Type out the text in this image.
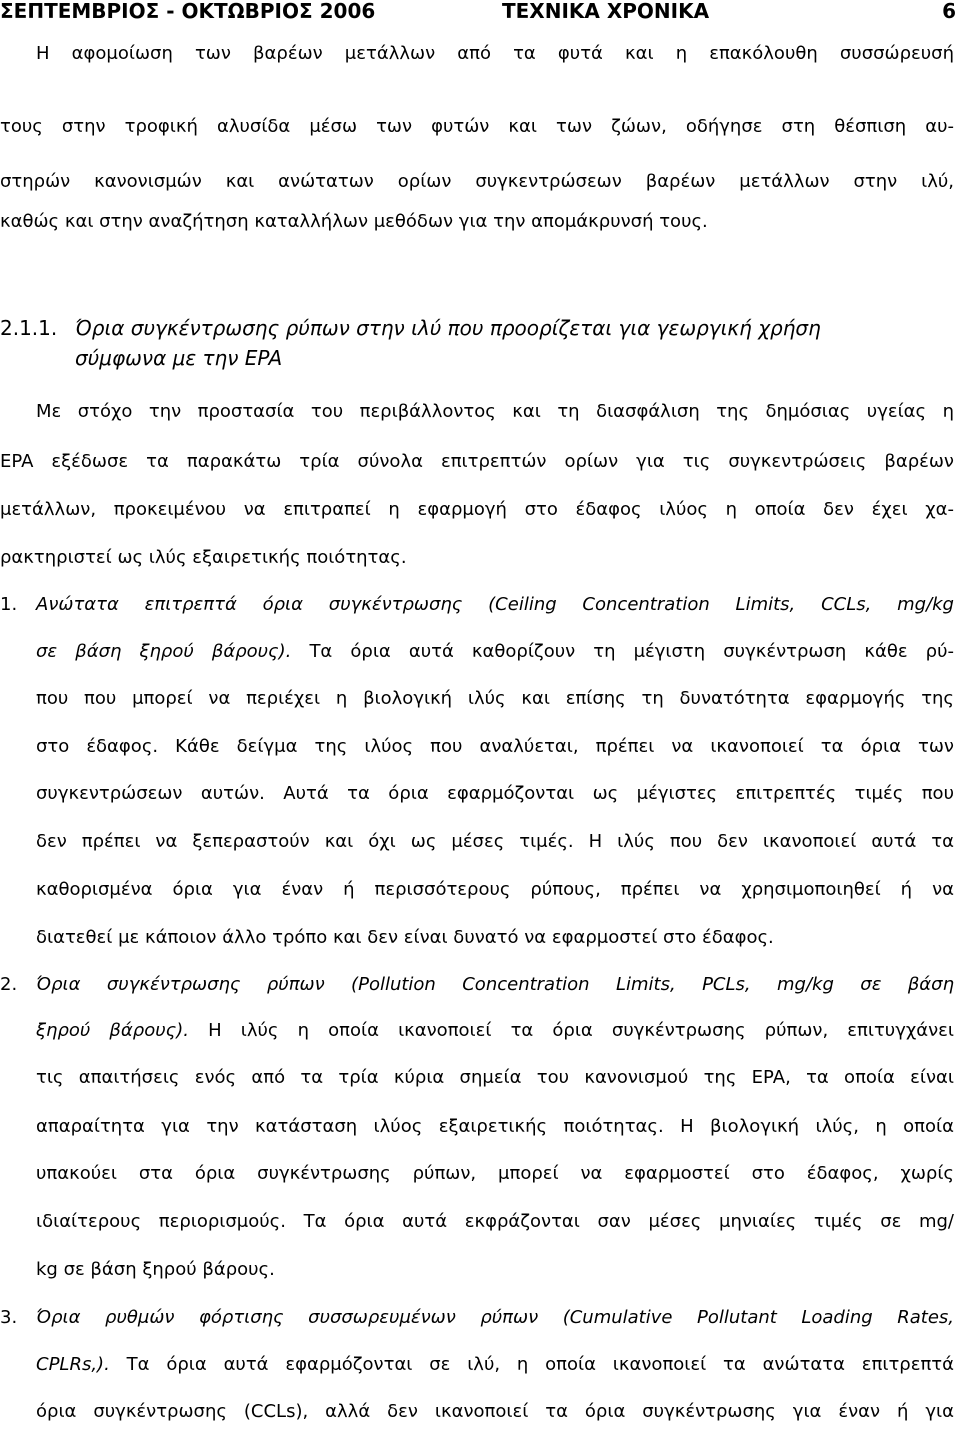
ΣΕΠΤΕΜΒΡΙΟΣ - ΟΚΤΩΒΡΙΟΣ 2006	ΤΕΧΝΙΚΑ ΧΡΟΝΙΚΑ	6
Η αφομοίωση των βαρέων μετάλλων από τα φυτά και η επακόλουθη συσσώρευσή
τους στην τροφική αλυσίδα μέσω των φυτών και των ζώων, οδήγησε στη θέσπιση αυ-
στηρών κανονισμών και ανώτατων ορίων συγκεντρώσεων βαρέων μετάλλων στην ιλύ,
καθώς και στην αναζήτηση καταλλήλων μεθόδων για την απομάκρυνσή τους.
2.1.1. Όρια συγκέντρωσης ρύπων στην ιλύ που προορίζεται για γεωργική χρήση
σύμφωνα με την EPA
Με στόχο την προστασία του περιβάλλοντος και τη διασφάλιση της δημόσιας υγείας η
EPA εξέδωσε τα παρακάτω τρία σύνολα επιτρεπτών ορίων για τις συγκεντρώσεις βαρέων
μετάλλων, προκειμένου να επιτραπεί η εφαρμογή στο έδαφος ιλύος η οποία δεν έχει χα-
ρακτηριστεί ως ιλύς εξαιρετικής ποιότητας.
1. Ανώτατα επιτρεπτά όρια συγκέντρωσης (Ceiling Concentration Limits, CCLs, mg/kg
σε βάση ξηρού βάρους). Τα όρια αυτά καθορίζουν τη μέγιστη συγκέντρωση κάθε ρύ-
που που μπορεί να περιέχει η βιολογική ιλύς και επίσης τη δυνατότητα εφαρμογής της
στο έδαφος. Κάθε δείγμα της ιλύος που αναλύεται, πρέπει να ικανοποιεί τα όρια των
συγκεντρώσεων αυτών. Αυτά τα όρια εφαρμόζονται ως μέγιστες επιτρεπτές τιμές που
δεν πρέπει να ξεπεραστούν και όχι ως μέσες τιμές. Η ιλύς που δεν ικανοποιεί αυτά τα
καθορισμένα όρια για έναν ή περισσότερους ρύπους, πρέπει να χρησιμοποιηθεί ή να
διατεθεί με κάποιον άλλο τρόπο και δεν είναι δυνατό να εφαρμοστεί στο έδαφος.
2. Όρια συγκέντρωσης ρύπων (Pollution Concentration Limits, PCLs, mg/kg σε βάση
ξηρού βάρους). Η ιλύς η οποία ικανοποιεί τα όρια συγκέντρωσης ρύπων, επιτυγχάνει
τις απαιτήσεις ενός από τα τρία κύρια σημεία του κανονισμού της EPA, τα οποία είναι
απαραίτητα για την κατάσταση ιλύος εξαιρετικής ποιότητας. Η βιολογική ιλύς, η οποία
υπακούει στα όρια συγκέντρωσης ρύπων, μπορεί να εφαρμοστεί στο έδαφος, χωρίς
ιδιαίτερους περιορισμούς. Τα όρια αυτά εκφράζονται σαν μέσες μηνιαίες τιμές σε mg/
kg σε βάση ξηρού βάρους.
3. Όρια ρυθμών φόρτισης συσσωρευμένων ρύπων (Cumulative Pollutant Loading Rates,
CPLRs,). Τα όρια αυτά εφαρμόζονται σε ιλύ, η οποία ικανοποιεί τα ανώτατα επιτρεπτά
όρια συγκέντρωσης (CCLs), αλλά δεν ικανοποιεί τα όρια συγκέντρωσης για έναν ή για
